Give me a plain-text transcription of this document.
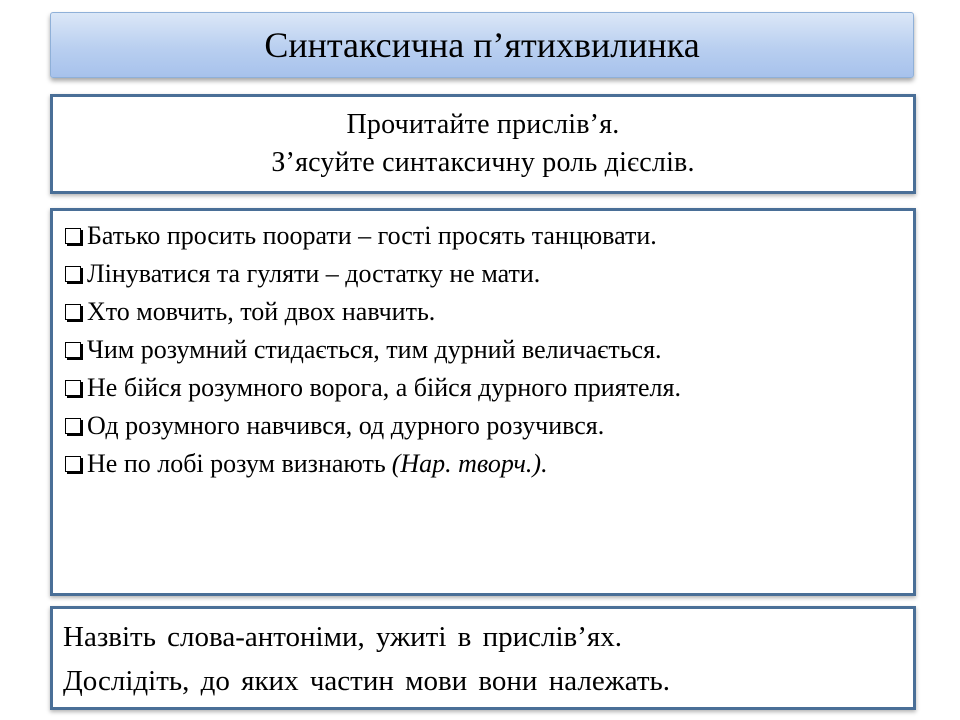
Синтаксична п’ятихвилинка
Прочитайте прислів’я.
З’ясуйте синтаксичну роль дієслів.
Батько просить поорати – гості просять танцювати.
Лінуватися та гуляти – достатку не мати.
Хто мовчить, той двох навчить.
Чим розумний стидається, тим дурний величається.
Не бійся розумного ворога, а бійся дурного приятеля.
Од розумного навчився, од дурного розучився.
Не по лобі розум визнають (Нар. творч.).
Назвіть слова-антоніми, ужиті в прислів’ях.
Дослідіть, до яких частин мови вони належать.
